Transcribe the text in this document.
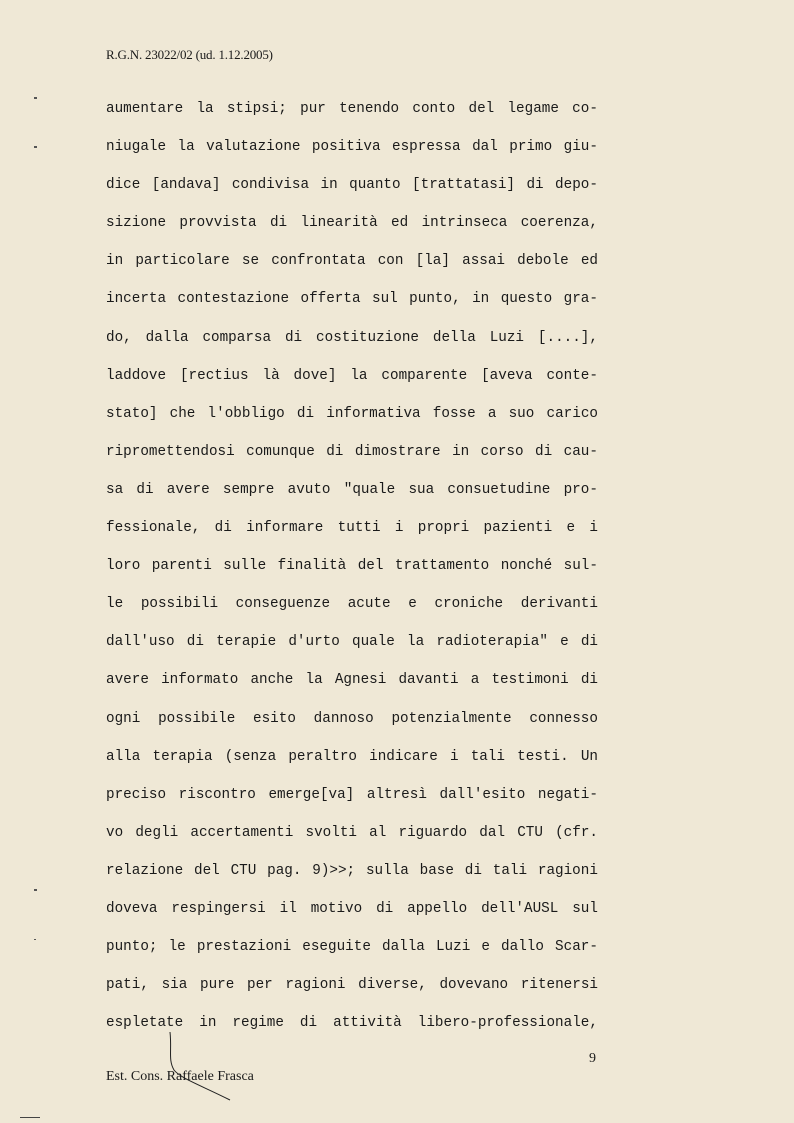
R.G.N. 23022/02 (ud. 1.12.2005)
aumentare la stipsi; pur tenendo conto del legame co-
niugale la valutazione positiva espressa dal primo giu-
dice [andava] condivisa in quanto [trattatasi] di depo-
sizione provvista di linearità ed intrinseca coerenza,
in particolare se confrontata con [la] assai debole ed
incerta contestazione offerta sul punto, in questo gra-
do, dalla comparsa di costituzione della Luzi [....],
laddove [rectius là dove] la comparente [aveva conte-
stato] che l'obbligo di informativa fosse a suo carico
ripromettendosi comunque di dimostrare in corso di cau-
sa di avere sempre avuto "quale sua consuetudine pro-
fessionale, di informare tutti i propri pazienti e i
loro parenti sulle finalità del trattamento nonché sul-
le possibili conseguenze acute e croniche derivanti
dall'uso di terapie d'urto quale la radioterapia" e di
avere informato anche la Agnesi davanti a testimoni di
ogni possibile esito dannoso potenzialmente connesso
alla terapia (senza peraltro indicare i tali testi. Un
preciso riscontro emerge[va] altresì dall'esito negati-
vo degli accertamenti svolti al riguardo dal CTU (cfr.
relazione del CTU pag. 9)>>; sulla base di tali ragioni
doveva respingersi il motivo di appello dell'AUSL sul
punto; le prestazioni eseguite dalla Luzi e dallo Scar-
pati, sia pure per ragioni diverse, dovevano ritenersi
espletate in regime di attività libero-professionale,
9
Est. Cons. Raffaele Frasca
